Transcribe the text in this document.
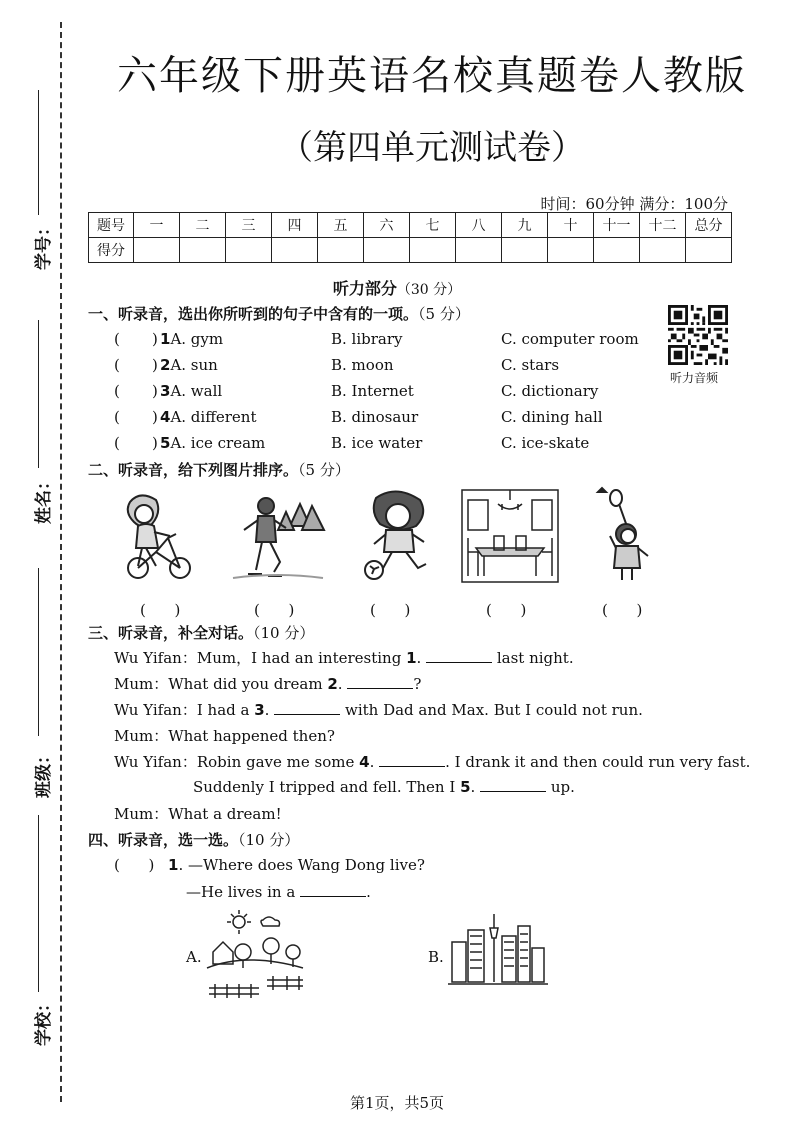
学号：
姓名：
班级：
学校：
六年级下册英语名校真题卷人教版
（第四单元测试卷）
时间：60分钟 满分：100分
题号	一	二	三	四	五	六	七	八	九	十	十一	十二	总分
得分													
听力部分（30 分）
听力音频
一、听录音，选出你所听到的句子中含有的一项。（5 分）
( ) 1A. gym	B. library	C. computer room
( ) 2A. sun	B. moon	C. stars
( ) 3A. wall	B. Internet	C. dictionary
( ) 4A. different	B. dinosaur	C. dining hall
( ) 5A. ice cream	B. ice water	C. ice-skate
二、听录音，给下列图片排序。（5 分）
(      )	(      )	(      )	(      )	(      )
三、听录音，补全对话。（10 分）
Wu Yifan：Mum，I had an interesting 1.	last night.
Mum：What did you dream 2.	?
Wu Yifan：I had a 3.	with Dad and Max. But I could not run.
Mum：What happened then?
Wu Yifan：Robin gave me some 4.	. I drank it and then could run very fast.
Suddenly I tripped and fell. Then I 5.	up.
Mum：What a dream!
四、听录音，选一选。（10 分）
(      ) 1. —Where does Wang Dong live?
—He lives in a	.
A.	B.
第1页，共5页
